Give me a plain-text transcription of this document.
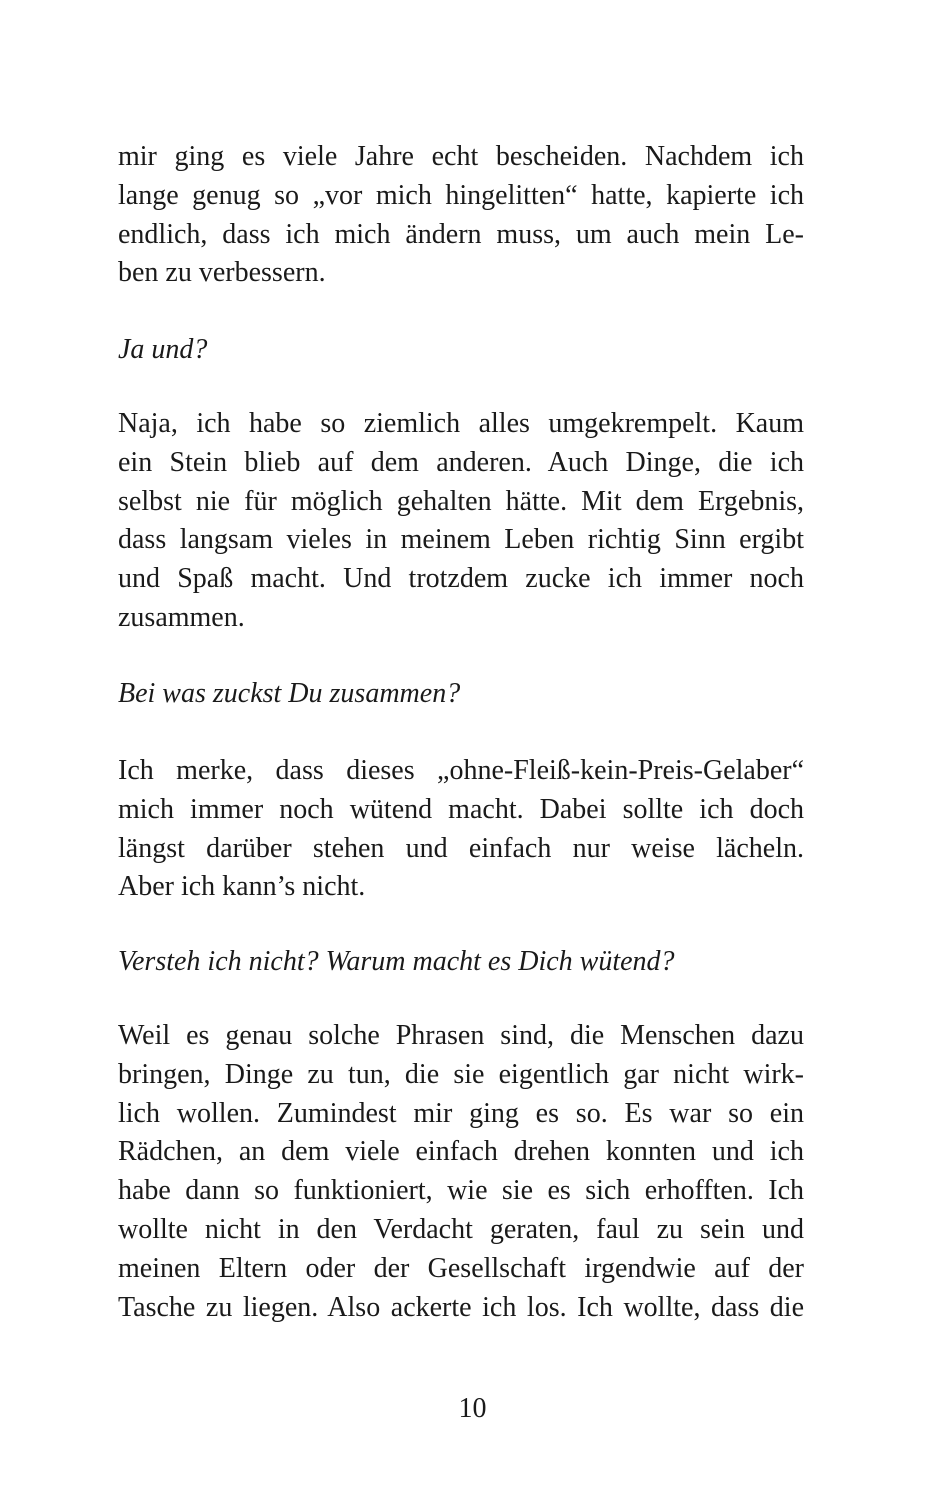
mir ging es viele Jahre echt bescheiden. Nachdem ich
lange genug so „vor mich hingelitten“ hatte, kapierte ich
endlich, dass ich mich ändern muss, um auch mein Le-
ben zu verbessern.
Ja und?
Naja, ich habe so ziemlich alles umgekrempelt. Kaum
ein Stein blieb auf dem anderen. Auch Dinge, die ich
selbst nie für möglich gehalten hätte. Mit dem Ergebnis,
dass langsam vieles in meinem Leben richtig Sinn ergibt
und Spaß macht. Und trotzdem zucke ich immer noch
zusammen.
Bei was zuckst Du zusammen?
Ich merke, dass dieses „ohne-Fleiß-kein-Preis-Gelaber“
mich immer noch wütend macht. Dabei sollte ich doch
längst darüber stehen und einfach nur weise lächeln.
Aber ich kann’s nicht.
Versteh ich nicht? Warum macht es Dich wütend?
Weil es genau solche Phrasen sind, die Menschen dazu
bringen, Dinge zu tun, die sie eigentlich gar nicht wirk-
lich wollen. Zumindest mir ging es so. Es war so ein
Rädchen, an dem viele einfach drehen konnten und ich
habe dann so funktioniert, wie sie es sich erhofften. Ich
wollte nicht in den Verdacht geraten, faul zu sein und
meinen Eltern oder der Gesellschaft irgendwie auf der
Tasche zu liegen. Also ackerte ich los. Ich wollte, dass die
10
